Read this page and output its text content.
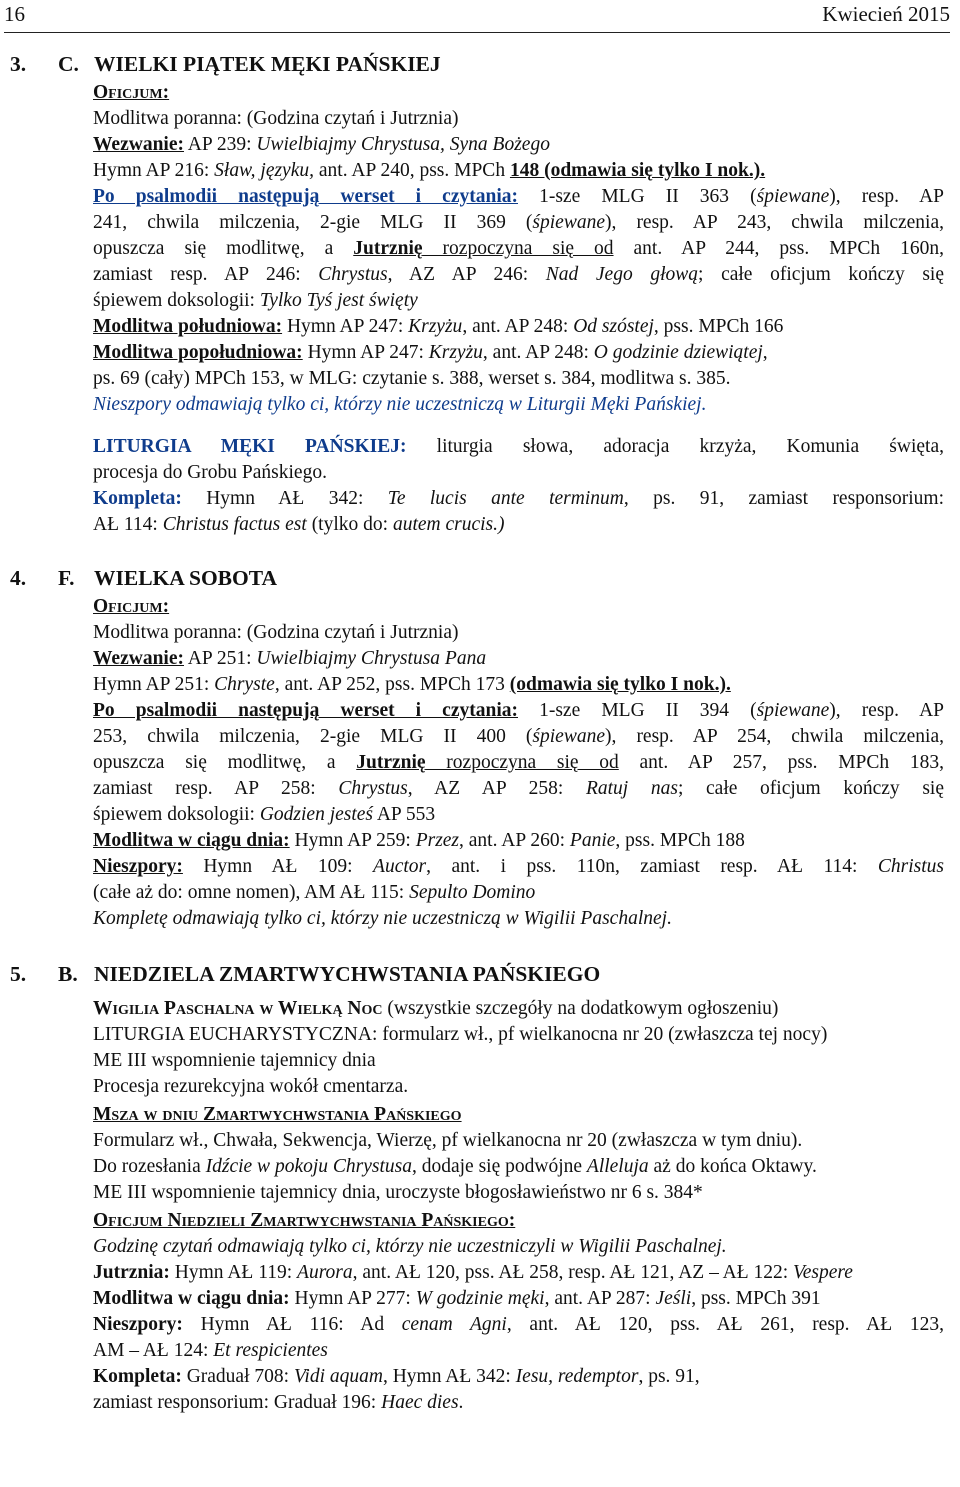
16	Kwiecień 2015
3. C. WIELKI PIĄTEK MĘKI PAŃSKIEJ
Oficjum:
Modlitwa poranna: (Godzina czytań i Jutrznia)
Wezwanie: AP 239: Uwielbiajmy Chrystusa, Syna Bożego
Hymn AP 216: Sław, języku, ant. AP 240, pss. MPCh 148 (odmawia się tylko I nok.).
Po psalmodii następują werset i czytania: 1-sze MLG II 363 (śpiewane), resp. AP
241, chwila milczenia, 2-gie MLG II 369 (śpiewane), resp. AP 243, chwila milczenia,
opuszcza się modlitwę, a Jutrznię rozpoczyna się od ant. AP 244, pss. MPCh 160n,
zamiast resp. AP 246: Chrystus, AZ AP 246: Nad Jego głową; całe oficjum kończy się
śpiewem doksologii: Tylko Tyś jest święty
Modlitwa południowa: Hymn AP 247: Krzyżu, ant. AP 248: Od szóstej, pss. MPCh 166
Modlitwa popołudniowa: Hymn AP 247: Krzyżu, ant. AP 248: O godzinie dziewiątej,
ps. 69 (cały) MPCh 153, w MLG: czytanie s. 388, werset s. 384, modlitwa s. 385.
Nieszpory odmawiają tylko ci, którzy nie uczestniczą w Liturgii Męki Pańskiej.
LITURGIA MĘKI PAŃSKIEJ: liturgia słowa, adoracja krzyża, Komunia święta,
procesja do Grobu Pańskiego.
Kompleta: Hymn AŁ 342: Te lucis ante terminum, ps. 91, zamiast responsorium:
AŁ 114: Christus factus est (tylko do: autem crucis.)
4. F. WIELKA SOBOTA
Oficjum:
Modlitwa poranna: (Godzina czytań i Jutrznia)
Wezwanie: AP 251: Uwielbiajmy Chrystusa Pana
Hymn AP 251: Chryste, ant. AP 252, pss. MPCh 173 (odmawia się tylko I nok.).
Po psalmodii następują werset i czytania: 1-sze MLG II 394 (śpiewane), resp. AP
253, chwila milczenia, 2-gie MLG II 400 (śpiewane), resp. AP 254, chwila milczenia,
opuszcza się modlitwę, a Jutrznię rozpoczyna się od ant. AP 257, pss. MPCh 183,
zamiast resp. AP 258: Chrystus, AZ AP 258: Ratuj nas; całe oficjum kończy się
śpiewem doksologii: Godzien jesteś AP 553
Modlitwa w ciągu dnia: Hymn AP 259: Przez, ant. AP 260: Panie, pss. MPCh 188
Nieszpory: Hymn AŁ 109: Auctor, ant. i pss. 110n, zamiast resp. AŁ 114: Christus
(całe aż do: omne nomen), AM AŁ 115: Sepulto Domino
Kompletę odmawiają tylko ci, którzy nie uczestniczą w Wigilii Paschalnej.
5. B. NIEDZIELA ZMARTWYCHWSTANIA PAŃSKIEGO
Wigilia Paschalna w Wielką Noc (wszystkie szczegóły na dodatkowym ogłoszeniu)
LITURGIA EUCHARYSTYCZNA: formularz wł., pf wielkanocna nr 20 (zwłaszcza tej nocy)
ME III wspomnienie tajemnicy dnia
Procesja rezurekcyjna wokół cmentarza.
Msza w dniu Zmartwychwstania Pańskiego
Formularz wł., Chwała, Sekwencja, Wierzę, pf wielkanocna nr 20 (zwłaszcza w tym dniu).
Do rozesłania Idźcie w pokoju Chrystusa, dodaje się podwójne Alleluja aż do końca Oktawy.
ME III wspomnienie tajemnicy dnia, uroczyste błogosławieństwo nr 6 s. 384*
Oficjum Niedzieli Zmartwychwstania Pańskiego:
Godzinę czytań odmawiają tylko ci, którzy nie uczestniczyli w Wigilii Paschalnej.
Jutrznia: Hymn AŁ 119: Aurora, ant. AŁ 120, pss. AŁ 258, resp. AŁ 121, AZ – AŁ 122: Vespere
Modlitwa w ciągu dnia: Hymn AP 277: W godzinie męki, ant. AP 287: Jeśli, pss. MPCh 391
Nieszpory: Hymn AŁ 116: Ad cenam Agni, ant. AŁ 120, pss. AŁ 261, resp. AŁ 123,
AM – AŁ 124: Et respicientes
Kompleta: Graduał 708: Vidi aquam, Hymn AŁ 342: Iesu, redemptor, ps. 91,
zamiast responsorium: Graduał 196: Haec dies.
